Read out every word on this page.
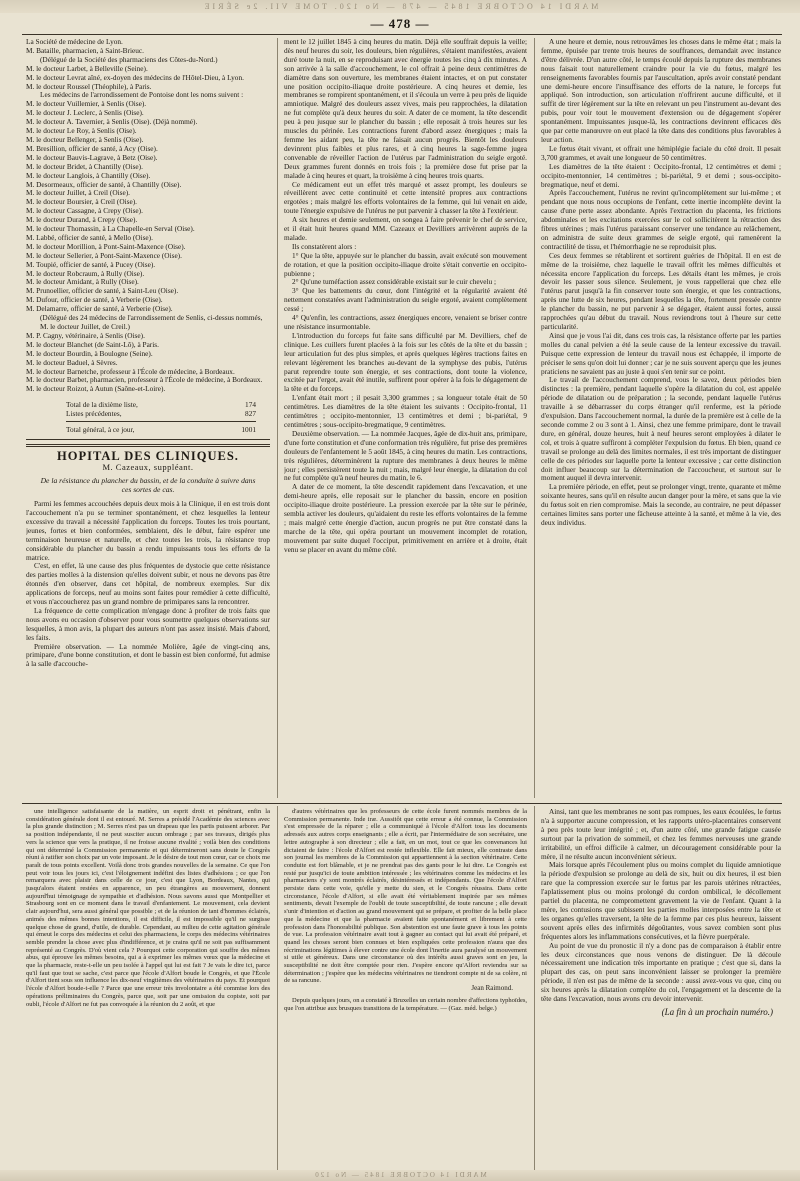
MARDI 14 OCTOBRE 1845 — 478 — No 120. TOME VII. 2e SÉRIE
— 478 —

La Société de médecine de Lyon.

M. Bataille, pharmacien, à Saint-Brieuc.

(Délégué de la Société des pharmaciens des Côtes-du-Nord.)

M. le docteur Larbet, à Belleville (Seine).

M. le docteur Levrat aîné, ex-doyen des médecins de l'Hôtel-Dieu, à Lyon.

M. le docteur Roussel (Théophile), à Paris.

Les médecins de l'arrondissement de Pontoise dont les noms suivent :

M. le docteur Vuillemier, à Senlis (Oise).

M. le docteur J. Leclerc, à Senlis (Oise).

M. le docteur A. Tavernier, à Senlis (Oise). (Déjà nommé).

M. le docteur Le Roy, à Senlis (Oise).

M. le docteur Bellenger, à Senlis (Oise).

M. Bresillion, officier de santé, à Acy (Oise).

M. le docteur Bauvis-Lagrave, à Betz (Oise).

M. le docteur Bridet, à Chantilly (Oise).

M. le docteur Langlois, à Chantilly (Oise).

M. Desormeaux, officier de santé, à Chantilly (Oise).

M. le docteur Juillet, à Creil (Oise).

M. le docteur Boursier, à Creil (Oise).

M. le docteur Cassagne, à Crepy (Oise).

M. le docteur Durand, à Crepy (Oise).

M. le docteur Thomassin, à La Chapelle-en Serval (Oise).

M. Labbé, officier de santé, à Mello (Oise).

M. le docteur Morillion, à Pont-Saint-Maxence (Oise).

M. le docteur Sellerier, à Pont-Saint-Maxence (Oise).

M. Toupié, officier de santé, à Pucey (Oise).

M. le docteur Robcraum, à Rully (Oise).

M. le docteur Amidant, à Rully (Oise).

M. Prunoellier, officier de santé, à Saint-Leu (Oise).

M. Dufour, officier de santé, à Verberie (Oise).

M. Delamarre, officier de santé, à Verberie (Oise).

(Délégué des 24 médecins de l'arrondissement de Senlis, ci-dessus nommés, M. le docteur Juillet, de Creil.)

M. P. Cagny, vétérinaire, à Senlis (Oise).

M. le docteur Blanchet (de Saint-Lô), à Paris.

M. le docteur Bourdin, à Boulogne (Seine).

M. le docteur Baduel, à Sèvres.

M. le docteur Barnetche, professeur à l'École de médecine, à Bordeaux.

M. le docteur Barbet, pharmacien, professeur à l'École de médecine, à Bordeaux.

M. le docteur Roizot, à Autun (Saône-et-Loire).

Total de la dixième liste,	174
Listes précédentes,	827
Total général, à ce jour,	1001
HOPITAL DES CLINIQUES.
M. Cazeaux, suppléant.
De la résistance du plancher du bassin, et de la conduite à suivre dans ces sortes de cas.

Parmi les femmes accouchées depuis deux mois à la Clinique, il en est trois dont l'accouchement n'a pu se terminer spontanément, et chez lesquelles la lenteur excessive du travail a nécessité l'application du forceps. Toutes les trois pourtant, jeunes, fortes et bien conformées, semblaient, dès le début, faire espérer une terminaison heureuse et naturelle, et chez toutes les trois, la résistance trop considérable du plancher du bassin a rendu impuissants tous les efforts de la matrice.

C'est, en effet, là une cause des plus fréquentes de dystocie que cette résistance des parties molles à la distension qu'elles doivent subir, et nous ne devons pas être étonnés d'en observer, dans cet hôpital, de nombreux exemples. Sur dix applications de forceps, neuf au moins sont faites pour remédier à cette difficulté, et vous n'accoucherez pas un grand nombre de primipares sans la rencontrer.

La fréquence de cette complication m'engage donc à profiter de trois faits que nous avons eu occasion d'observer pour vous soumettre quelques observations sur lesquelles, à mon avis, la plupart des auteurs n'ont pas assez insisté. Mais d'abord, les faits.

Première observation. — La nommée Molière, âgée de vingt-cinq ans, primipare, d'une bonne constitution, et dont le bassin est bien conformé, fut admise à la salle d'accouche-

ment le 12 juillet 1845 à cinq heures du matin. Déjà elle souffrait depuis la veille; dès neuf heures du soir, les douleurs, bien régulières, s'étaient manifestées, avaient duré toute la nuit, en se reproduisant avec énergie toutes les cinq à dix minutes. A son arrivée à la salle d'accouchement, le col offrait à peine deux centimètres de diamètre dans son ouverture, les membranes étaient intactes, et on put constater une position occipito-iliaque droite postérieure. A cinq heures et demie, les membranes se rompirent spontanément, et il s'écoula un verre à peu près de liquide amniotique. Malgré des douleurs assez vives, mais peu rapprochées, la dilatation ne fut complète qu'à deux heures du soir. A dater de ce moment, la tête descendit peu à peu jusque sur le plancher du bassin ; elle reposait à trois heures sur les muscles du périnée. Les contractions furent d'abord assez énergiques ; mais la femme les aidant peu, la tête ne faisait aucun progrès. Bientôt les douleurs devinrent plus faibles et plus rares, et à cinq heures la sage-femme jugea convenable de réveiller l'action de l'utérus par l'administration du seigle ergoté. Deux grammes furent donnés en trois fois ; la première dose fut prise par la malade à cinq heures et quart, la troisième à cinq heures trois quarts.

Ce médicament eut un effet très marqué et assez prompt, les douleurs se réveillèrent avec cette continuité et cette intensité propres aux contractions ergotées ; mais malgré les efforts volontaires de la femme, qui lui venait en aide, toute l'énergie expulsive de l'utérus ne put parvenir à chasser la tête à l'extérieur.

A six heures et demie seulement, on songea à faire prévenir le chef de service, et il était huit heures quand MM. Cazeaux et Devilliers arrivèrent auprès de la malade.

Ils constatèrent alors :

1° Que la tête, appuyée sur le plancher du bassin, avait exécuté son mouvement de rotation, et que la position occipito-iliaque droite s'était convertie en occipito-pubienne ;

2° Qu'une tuméfaction assez considérable existait sur le cuir chevelu ;

3° Que les battements du cœur, dont l'intégrité et la régularité avaient été nettement constatées avant l'administration du seigle ergoté, avaient complètement cessé ;

4° Qu'enfin, les contractions, assez énergiques encore, venaient se briser contre une résistance insurmontable.

L'introduction du forceps fut faite sans difficulté par M. Devilliers, chef de clinique. Les cuillers furent placées à la fois sur les côtés de la tête et du bassin ; leur articulation fut des plus simples, et après quelques légères tractions faites en relevant légèrement les branches au-devant de la symphyse des pubis, l'utérus parut reprendre toute son énergie, et ses contractions, dont toute la violence, excitée par l'ergot, avait été inutile, suffirent pour opérer à la fois le dégagement de la tête et du forceps.

L'enfant était mort ; il pesait 3,300 grammes ; sa longueur totale était de 50 centimètres. Les diamètres de la tête étaient les suivants : Occipito-frontal, 11 centimètres ; occipito-mentonnier, 13 centimètres et demi ; bi-pariétal, 9 centimètres ; sous-occipito-bregmatique, 9 centimètres.

Deuxième observation. — La nommée Jacques, âgée de dix-huit ans, primipare, d'une forte constitution et d'une conformation très régulière, fut prise des premières douleurs de l'enfantement le 5 août 1845, à cinq heures du matin. Les contractions, très régulières, déterminèrent la rupture des membranes à deux heures le même jour ; elles persistèrent toute la nuit ; mais, malgré leur énergie, la dilatation du col ne fut complète qu'à neuf heures du matin, le 6.

A dater de ce moment, la tête descendit rapidement dans l'excavation, et une demi-heure après, elle reposait sur le plancher du bassin, encore en position occipito-iliaque droite postérieure. La pression exercée par la tête sur le périnée, sembla activer les douleurs, qu'aidaient du reste les efforts volontaires de la femme ; mais malgré cette énergie d'action, aucun progrès ne put être constaté dans la marche de la tête, qui opéra pourtant un mouvement incomplet de rotation, mouvement par suite duquel l'occiput, primitivement en arrière et à droite, était venu se placer en avant du même côté.

A une heure et demie, nous retrouvâmes les choses dans le même état ; mais la femme, épuisée par trente trois heures de souffrances, demandait avec instance d'être délivrée. D'un autre côté, le temps écoulé depuis la rupture des membranes nous faisait tout naturellement craindre pour la vie du fœtus, malgré les renseignements favorables fournis par l'auscultation, après avoir constaté pendant une demi-heure encore l'insuffisance des efforts de la nature, le forceps fut appliqué. Son introduction, son articulation n'offrirent aucune difficulté, et il suffit de tirer légèrement sur la tête en relevant un peu l'instrument au-devant des pubis, pour voir tout le mouvement d'extension ou de dégagement s'opérer spontanément. Impuissantes jusque-là, les contractions devinrent efficaces dès que par cette manœuvre on eut placé la tête dans des conditions plus favorables à leur action.

Le fœtus était vivant, et offrait une hémiplégie faciale du côté droit. Il pesait 3,700 grammes, et avait une longueur de 50 centimètres.

Les diamètres de la tête étaient : Occipito-frontal, 12 centimètres et demi ; occipito-mentonnier, 14 centimètres ; bi-pariétal, 9 et demi ; sous-occipito-bregmatique, neuf et demi.

Après l'accouchement, l'utérus ne revint qu'incomplètement sur lui-même ; et pendant que nous nous occupions de l'enfant, cette inertie incomplète devint la cause d'une perte assez abondante. Après l'extraction du placenta, les frictions abdominales et les excitations exercées sur le col sollicitèrent la rétraction des fibres utérines ; mais l'utérus paraissant conserver une tendance au relâchement, on administra de suite deux grammes de seigle ergoté, qui ramenèrent la contractilité de tissu, et l'hémorrhagie ne se reproduisit plus.

Ces deux femmes se rétablirent et sortirent guéries de l'hôpital. Il en est de même de la troisième, chez laquelle le travail offrit les mêmes difficultés et nécessita encore l'application du forceps. Les détails étant les mêmes, je crois devoir les passer sous silence. Seulement, je vous rappellerai que chez elle l'utérus parut jusqu'à la fin conserver toute son énergie, et que les contractions, après une lutte de six heures, pendant lesquelles la tête, fortement pressée contre le plancher du bassin, ne put parvenir à se dégager, étaient aussi fortes, aussi rapprochées qu'au début du travail. Nous reviendrons tout à l'heure sur cette particularité.

Ainsi que je vous l'ai dit, dans ces trois cas, la résistance offerte par les parties molles du canal pelvien a été la seule cause de la lenteur excessive du travail. Puisque cette expression de lenteur du travail nous est échappée, il importe de préciser le sens qu'on doit lui donner ; car je ne suis souvent aperçu que les jeunes praticiens ne savaient pas au juste à quoi s'en tenir sur ce point.

Le travail de l'accouchement comprend, vous le savez, deux périodes bien distinctes : la première, pendant laquelle s'opère la dilatation du col, est appelée période de dilatation ou de préparation ; la seconde, pendant laquelle l'utérus travaille à se débarrasser du corps étranger qu'il renferme, est la période d'expulsion. Dans l'accouchement normal, la durée de la première est à celle de la seconde comme 2 ou 3 sont à 1. Ainsi, chez une femme primipare, dont le travail dure, en général, douze heures, huit à neuf heures seront employées à dilater le col, et trois à quatre suffiront à compléter l'expulsion du fœtus. Eh bien, quand ce travail se prolonge au delà des limites normales, il est très important de distinguer celle de ces périodes sur laquelle porte la lenteur excessive ; car cette distinction doit influer beaucoup sur la détermination de l'accoucheur, et surtout sur le moment auquel il devra intervenir.

La première période, en effet, peut se prolonger vingt, trente, quarante et même soixante heures, sans qu'il en résulte aucun danger pour la mère, et sans que la vie du fœtus soit en rien compromise. Mais la seconde, au contraire, ne peut dépasser certaines limites sans porter une fâcheuse atteinte à la santé, et même à la vie, des deux individus.

une intelligence satisfaisante de la matière, un esprit droit et pénétrant, enfin la considération générale dont il est entouré. M. Serres a présidé l'Académie des sciences avec la plus grande distinction ; M. Serres n'est pas un drapeau que les partis puissent arborer. Par sa position indépendante, il ne peut susciter aucun ombrage ; par ses travaux, dirigés plus vers la science que vers la pratique, il ne froisse aucune rivalité ; voilà bien des conditions qui ont déterminé la Commission permanente et qui détermineront sans doute le Congrès réuni à ratifier son choix par un vote imposant. Je le désire de tout mon cœur, car ce choix me paraît de tous points excellent. Voilà donc trois grandes nouvelles de la semaine. Ce que l'on peut voir tous les jours ici, c'est l'éloignement indéfini des listes d'adhésions ; ce que l'on remarquera avec plaisir dans celle de ce jour, c'est que Lyon, Bordeaux, Nantes, qui jusqu'alors étaient restées en apparence, un peu étrangères au mouvement, donnent aujourd'hui témoignage de sympathie et d'adhésion. Nous savons aussi que Montpellier et Strasbourg sont en ce moment dans le travail d'enfantement. Le mouvement, cela devient clair aujourd'hui, sera aussi général que possible ; et de la réunion de tant d'hommes éclairés, animés des mêmes bonnes intentions, il est difficile, il est impossible qu'il ne surgisse quelque chose de grand, d'utile, de durable. Cependant, au milieu de cette agitation générale qui émeut le corps des médecins et celui des pharmaciens, le corps des médecins vétérinaires semble prendre la chose avec plus d'indifférence, et je crains qu'il ne soit pas suffisamment représenté au Congrès. D'où vient cela ? Pourquoi cette corporation qui souffre des mêmes abus, qui éprouve les mêmes besoins, qui a à exprimer les mêmes vœux que la médecine et que la pharmacie, reste-t-elle un peu isolée à l'appel qui lui est fait ? Je vais le dire ici, parce qu'il faut que tout se sache, c'est parce que l'école d'Alfort boude le Congrès, et que l'École d'Alfort tient sous son influence les dix-neuf vingtièmes des vétérinaires du pays. Et pourquoi l'école d'Alfort boude-t-elle ? Parce que une erreur très involontaire a été commise lors des opérations préliminaires du Congrès, parce que, soit par une omission du copiste, soit par oubli, l'école d'Alfort ne fut pas convoquée à la réunion du 2 août, et que

d'autres vétérinaires que les professeurs de cette école furent nommés membres de la Commission permanente. Inde iræ. Aussitôt que cette erreur a été connue, la Commission s'est empressée de la réparer ; elle a communiqué à l'école d'Alfort tous les documents adressés aux autres corps enseignants ; elle a écrit, par l'intermédiaire de son secrétaire, une lettre autographe à son directeur ; elle a fait, en un mot, tout ce que les convenances lui dictaient de faire : l'école d'Alfort est restée inflexible. Elle fait mieux, elle contraste dans son journal les membres de la Commission qui appartiennent à la section vétérinaire. Cette conduite est fort blâmable, et je ne prendrai pas des gants pour le lui dire. Le Congrès est resté pur jusqu'ici de toute ambition intéressée ; les vétérinaires comme les médecins et les pharmaciens s'y sont montrés éclairés, désintéressés et indépendants. Que l'école d'Alfort persiste dans cette voie, qu'elle y mette du sien, et le Congrès réussira. Dans cette circonstance, l'école d'Alfort, si elle avait été véritablement inspirée par ses mêmes sentiments, devait l'exemple de l'oubli de toute susceptibilité, de toute rancune ; elle devait s'unir d'intention et d'action au grand mouvement qui se prépare, et profiter de la belle place que la médecine et que la pharmacie avaient faite spontanément et librement à cette profession dans l'honorabilité publique. Son abstention est une faute grave à tous les points de vue. La profession vétérinaire avait tout à gagner au contact qui lui avait été préparé, et quand les choses seront bien connues et bien expliquées cette profession n'aura que des récriminations légitimes à élever contre une école dont l'inertie aura paralysé un mouvement si utile et généreux. Dans une circonstance où des intérêts aussi graves sont en jeu, la susceptibilité ne doit être comptée pour rien. J'espère encore qu'Alfort reviendra sur sa détermination ; j'espère que les médecins vétérinaires ne tiendront compte ni de sa colère, ni de sa rancune.

Jean Raimond.

Depuis quelques jours, on a constaté à Bruxelles un certain nombre d'affections typhoïdes, que l'on attribue aux brusques transitions de la température. — (Gaz. méd. belge.)

Ainsi, tant que les membranes ne sont pas rompues, les eaux écoulées, le fœtus n'a à supporter aucune compression, et les rapports utéro-placentaires conservent à peu près toute leur intégrité ; et, d'un autre côté, une grande fatigue causée surtout par la privation de sommeil, et chez les femmes nerveuses une grande irritabilité, un effroi difficile à calmer, un découragement considérable pour la mère, il ne résulte aucun inconvénient sérieux.

Mais lorsque après l'écoulement plus ou moins complet du liquide amniotique la période d'expulsion se prolonge au delà de six, huit ou dix heures, il est bien rare que la compression exercée sur le fœtus par les parois utérines rétractées, l'aplatissement plus ou moins prolongé du cordon ombilical, le décollement partiel du placenta, ne compromettent gravement la vie de l'enfant. Quant à la mère, les contusions que subissent les parties molles interposées entre la tête et les organes qu'elles traversent, la tête de la femme par ces plus heureux, laissent souvent après elles des infirmités dégoûtantes, vous savez combien sont plus fréquentes alors les inflammations consécutives, et la fièvre puerpérale.

Au point de vue du pronostic il n'y a donc pas de comparaison à établir entre les deux circonstances que nous venons de distinguer. De là découle nécessairement une indication très importante en pratique ; c'est que si, dans la plupart des cas, on peut sans inconvénient laisser se prolonger la première période, il n'en est pas de même de la seconde : aussi avez-vous vu que, cinq ou six heures après la dilatation complète du col, l'engagement et la descente de la tête dans l'excavation, nous avons cru devoir intervenir.

(La fin à un prochain numéro.)
MARDI 14 OCTOBRE 1845 — No 120
